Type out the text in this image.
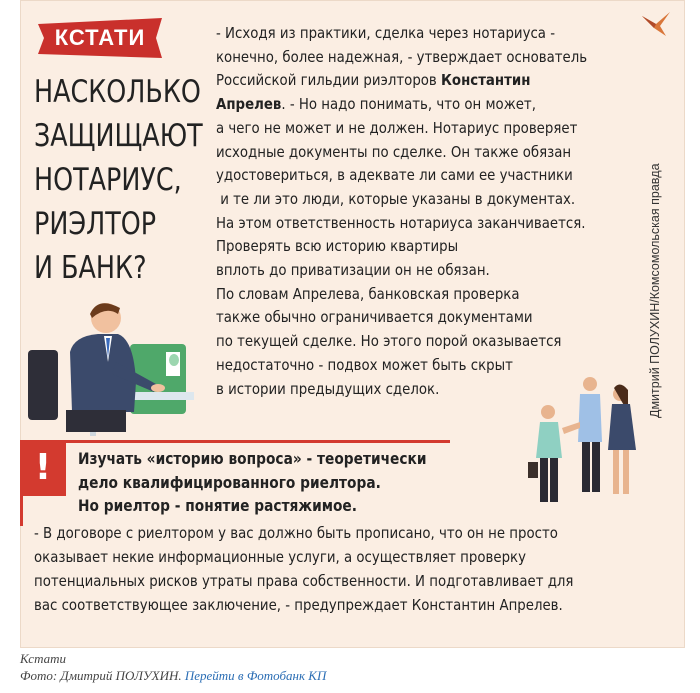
КСТАТИ
НАСКОЛЬКО
ЗАЩИЩАЮТ
НОТАРИУС,
РИЭЛТОР
И БАНК?
- Исходя из практики, сделка через нотариуса -
конечно, более надежная, - утверждает основатель
Российской гильдии риэлторов Константин
Апрелев. - Но надо понимать, что он может,
а чего не может и не должен. Нотариус проверяет
исходные документы по сделке. Он также обязан
удостовериться, в адеквате ли сами ее участники
и те ли это люди, которые указаны в документах.
На этом ответственность нотариуса заканчивается.
Проверять всю историю квартиры
вплоть до приватизации он не обязан.
По словам Апрелева, банковская проверка
также обычно ограничивается документами
по текущей сделке. Но этого порой оказывается
недостаточно - подвох может быть скрыт
в истории предыдущих сделок.	Дмитрий ПОЛУХИН/Комсомольская правда
!	Изучать «историю вопроса» - теоретически
дело квалифицированного риелтора.
Но риелтор - понятие растяжимое.
- В договоре с риелтором у вас должно быть прописано, что он не просто
оказывает некие информационные услуги, а осуществляет проверку
потенциальных рисков утраты права собственности. И подготавливает для
вас соответствующее заключение, - предупреждает Константин Апрелев.
Кстати
Фото: Дмитрий ПОЛУХИН. Перейти в Фотобанк КП
